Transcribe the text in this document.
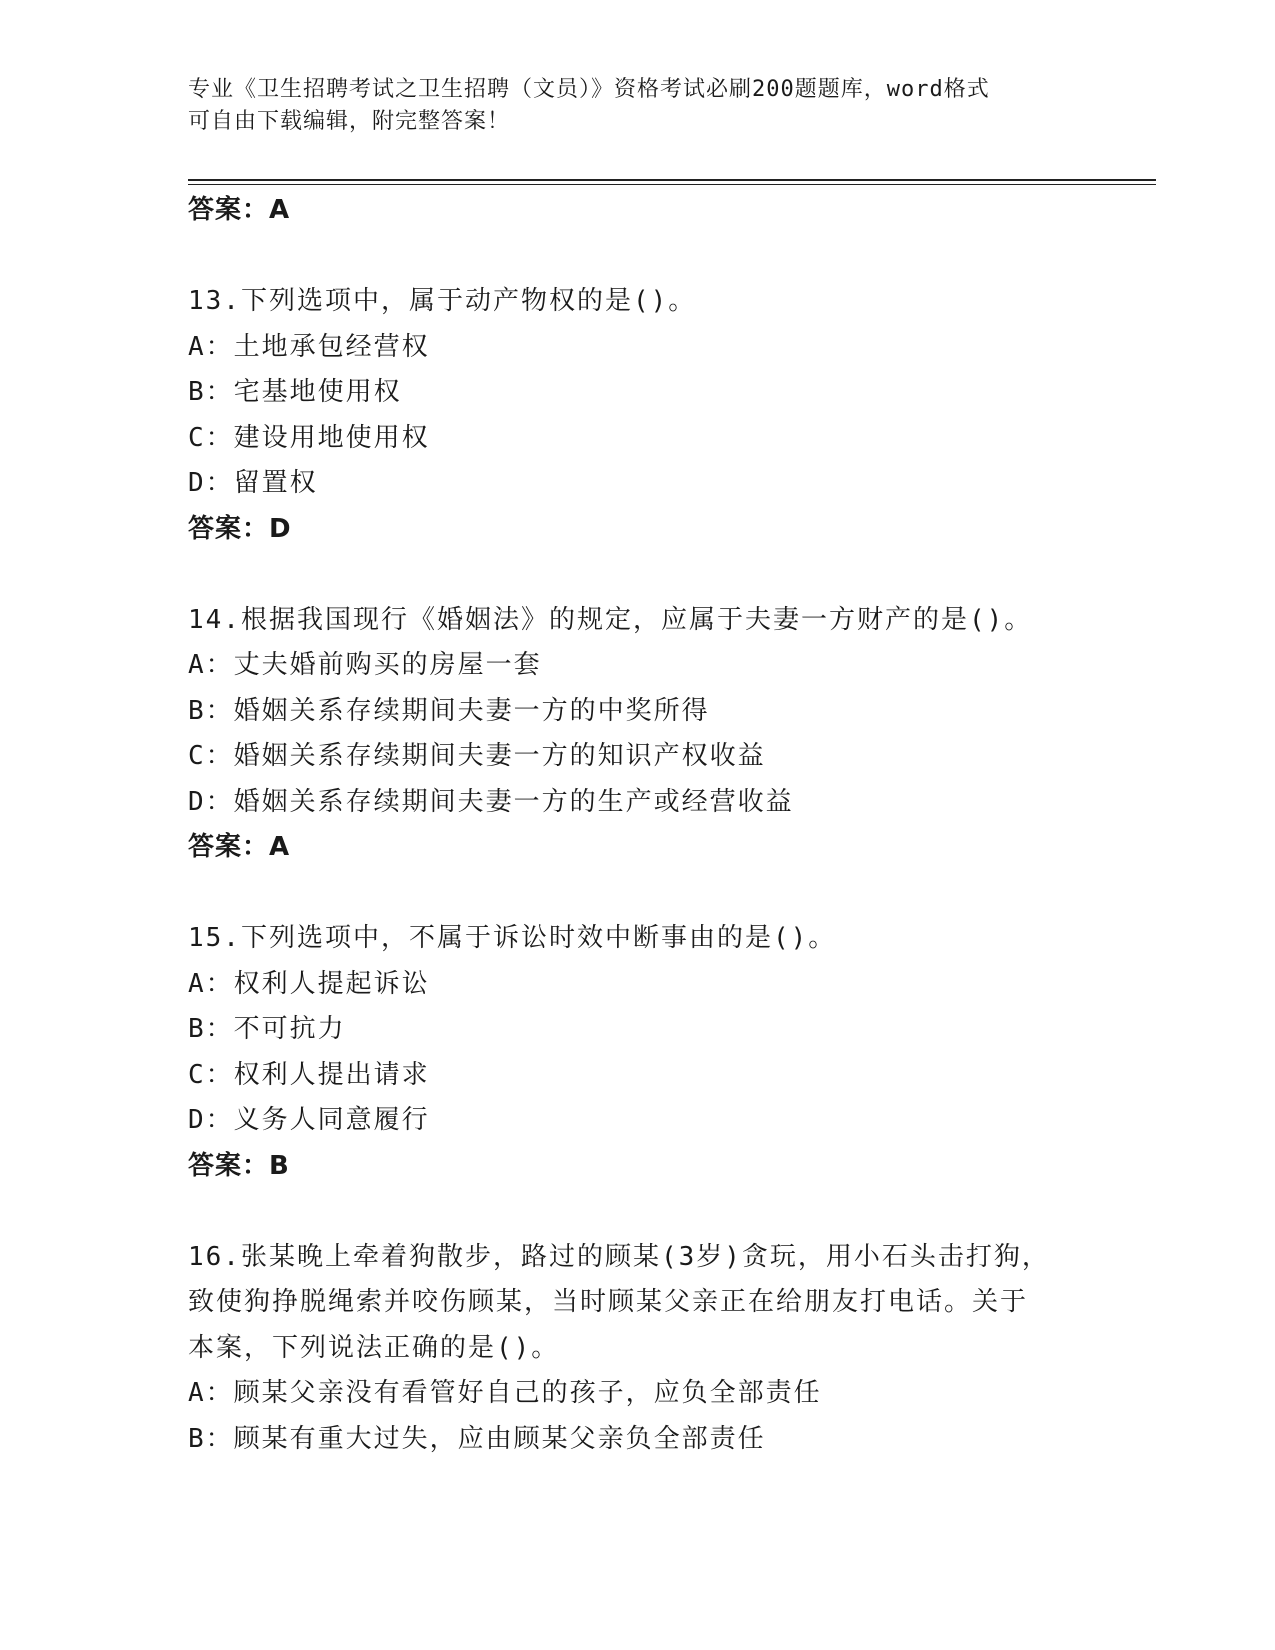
专业《卫生招聘考试之卫生招聘（文员）》资格考试必刷200题题库，word格式
可自由下载编辑，附完整答案！
答案：A
13.下列选项中，属于动产物权的是()。
A：土地承包经营权
B：宅基地使用权
C：建设用地使用权
D：留置权
答案：D
14.根据我国现行《婚姻法》的规定，应属于夫妻一方财产的是()。
A：丈夫婚前购买的房屋一套
B：婚姻关系存续期间夫妻一方的中奖所得
C：婚姻关系存续期间夫妻一方的知识产权收益
D：婚姻关系存续期间夫妻一方的生产或经营收益
答案：A
15.下列选项中，不属于诉讼时效中断事由的是()。
A：权利人提起诉讼
B：不可抗力
C：权利人提出请求
D：义务人同意履行
答案：B
16.张某晚上牵着狗散步，路过的顾某(3岁)贪玩，用小石头击打狗，
致使狗挣脱绳索并咬伤顾某，当时顾某父亲正在给朋友打电话。关于
本案，下列说法正确的是()。
A：顾某父亲没有看管好自己的孩子，应负全部责任
B：顾某有重大过失，应由顾某父亲负全部责任
